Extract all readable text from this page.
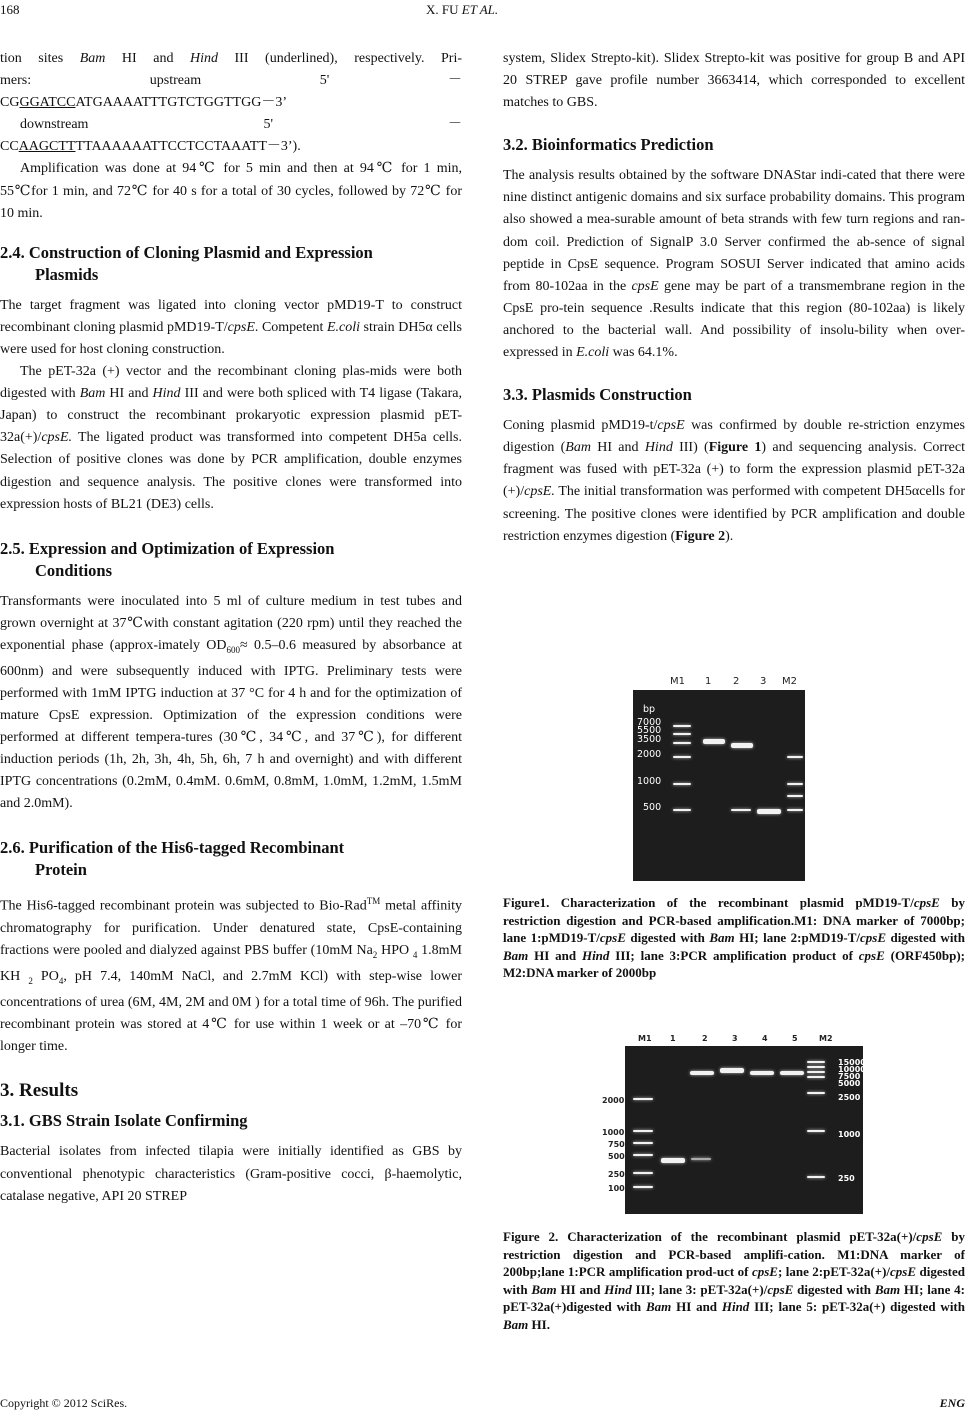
168	X. FU ET AL.

tion sites Bam HI and Hind III (underlined), respectively. Pri-

mers:	upstream	5'	－

CGGGATCCATGAAAATTTGTCTGGTTGG－3’

downstream	5'	－

CCAAGCTTTTAAAAAATTCCTCCTAAATT－3’).

Amplification was done at 94℃ for 5 min and then at 94℃ for 1 min, 55℃for 1 min, and 72℃ for 40 s for a total of 30 cycles, followed by 72℃ for 10 min.

2.4. Construction of Cloning Plasmid and Expression
Plasmids

The target fragment was ligated into cloning vector pMD19-T to construct recombinant cloning plasmid pMD19-T/cpsE. Competent E.coli strain DH5α cells were used for host cloning construction.

The pET-32a (+) vector and the recombinant cloning plas-mids were both digested with Bam HI and Hind III and were both spliced with T4 ligase (Takara, Japan) to construct the recombinant prokaryotic expression plasmid pET-32a(+)/cpsE. The ligated product was transformed into competent DH5a cells. Selection of positive clones was done by PCR amplification, double enzymes digestion and sequence analysis. The positive clones were transformed into expression hosts of BL21 (DE3) cells.

2.5. Expression and Optimization of Expression
Conditions

Transformants were inoculated into 5 ml of culture medium in test tubes and grown overnight at 37℃with constant agitation (220 rpm) until they reached the exponential phase (approx-imately $OD_{600}\approx 0.5-0.6$ measured by absorbance at 600nm) and were subsequently induced with IPTG. Preliminary tests were performed with 1mM IPTG induction at 37 °C for 4 h and for the optimization of mature CpsE expression. Optimization of the expression conditions were performed at different tempera-tures (30℃, 34℃, and 37℃), for different induction periods (1h, 2h, 3h, 4h, 5h, 6h, 7 h and overnight) and with different IPTG concentrations (0.2mM, 0.4mM. 0.6mM, 0.8mM, 1.0mM, 1.2mM, 1.5mM and 2.0mM).

2.6. Purification of the His6-tagged Recombinant
Protein

The His6-tagged recombinant protein was subjected to Bio-Rad™ metal affinity chromatography for purification. Under denatured state, CpsE-containing fractions were pooled and dialyzed against PBS buffer (10mM $Na_2$ HPO $_4$ 1.8mM KH $_2$ $PO_4$, pH 7.4, 140mM NaCl, and 2.7mM KCl) with step-wise lower concentrations of urea (6M, 4M, 2M and 0M ) for a total time of 96h. The purified recombinant protein was stored at 4℃ for use within 1 week or at –70℃ for longer time.

3. Results
3.1. GBS Strain Isolate Confirming

Bacterial isolates from infected tilapia were initially identified as GBS by conventional phenotypic characteristics (Gram-positive cocci, β-haemolytic, catalase negative, API 20 STREP

system, Slidex Strepto-kit). Slidex Strepto-kit was positive for group B and API 20 STREP gave profile number 3663414, which corresponded to excellent matches to GBS.

3.2. Bioinformatics Prediction

The analysis results obtained by the software DNAStar indi-cated that there were nine distinct antigenic domains and six surface probability domains. This program also showed a mea-surable amount of beta strands with few turn regions and ran-dom coil. Prediction of SignalP 3.0 Server confirmed the ab-sence of signal peptide in CpsE sequence. Program SOSUI Server indicated that amino acids from 80-102aa in the cpsE gene may be part of a transmembrane region in the CpsE pro-tein sequence .Results indicate that this region (80-102aa) is likely anchored to the bacterial wall. And possibility of insolu-bility when over-expressed in E.coli was 64.1%.

3.3. Plasmids Construction

Coning plasmid pMD19-t/cpsE was confirmed by double re-striction enzymes digestion (Bam HI and Hind III) (Figure 1) and sequencing analysis. Correct fragment was fused with pET-32a (+) to form the expression plasmid pET-32a (+)/cpsE. The initial transformation was performed with competent DH5αcells for screening. The positive clones were identified by PCR amplification and double restriction enzymes digestion (Figure 2).

M1 1 2 3 M2
bp
7000
5500
3500
2000
1000
500
bp
2000
1000
750
500
Figure1. Characterization of the recombinant plasmid pMD19-T/cpsE by restriction digestion and PCR-based amplification.M1: DNA marker of 7000bp; lane 1:pMD19-T/cpsE digested with Bam HI; lane 2:pMD19-T/cpsE digested with Bam HI and Hind III; lane 3:PCR amplification product of cpsE (ORF450bp); M2:DNA marker of 2000bp
M1 1	2	3	4	5	M2
2000
1000
750
500
250
100
15000
10000
7500
5000
2500
1000
250
Figure 2. Characterization of the recombinant plasmid pET-32a(+)/cpsE by restriction digestion and PCR-based amplifi-cation. M1:DNA marker of 200bp;lane 1:PCR amplification prod-uct of cpsE; lane 2:pET-32a(+)/cpsE digested with Bam HI and Hind III; lane 3: pET-32a(+)/cpsE digested with Bam HI; lane 4: pET-32a(+)digested with Bam HI and Hind III; lane 5: pET-32a(+) digested with Bam HI.
Copyright © 2012 SciRes.	ENG
